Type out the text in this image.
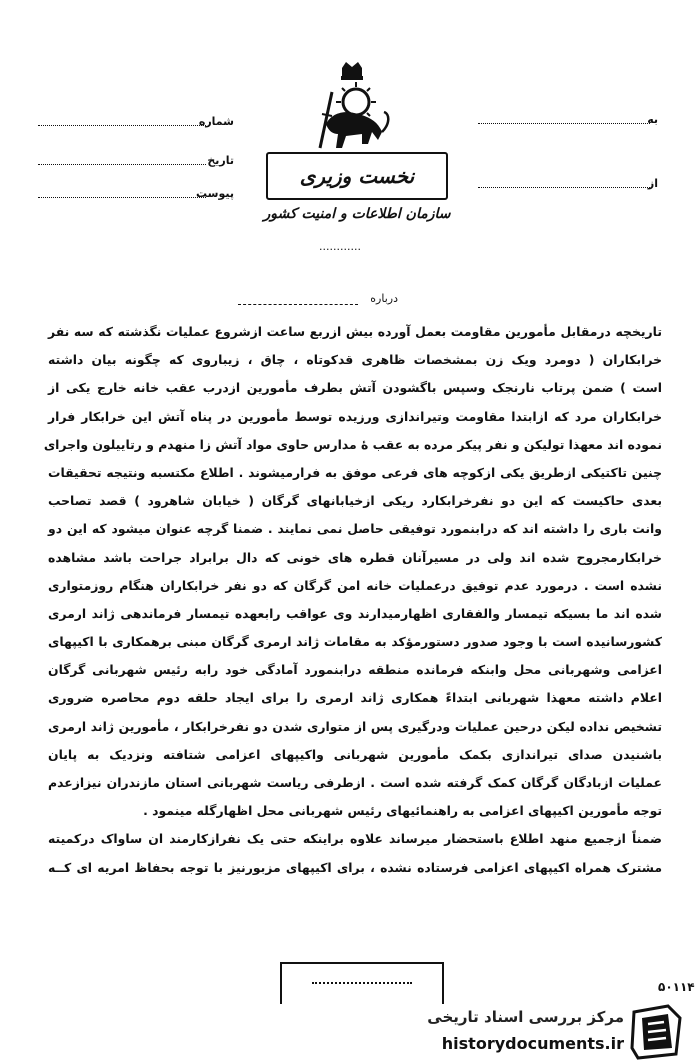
نخست وزیری
سازمان اطلاعات و امنیت کشور
............
شماره
تاریخ
پیوست
به
از
درباره
تاریخچه درمقابل مأمورین مقاومت بعمل آورده بیش ازربع ساعت ازشروع عملیات نگذشته که سه نفر
خرابکاران ( دومرد ویک زن بمشخصات ظاهری قدکوتاه ، چاق ، زیباروی که چگونه بیان داشته
است ) ضمن پرتاب نارنجک وسپس باگشودن آتش بطرف مأمورین ازدرب عقب خانه خارج یکی از
خرابکاران مرد که ازابتدا مقاومت وتیراندازی ورزیده توسط مأمورین در پناه آتش این خرابکار فرار
نموده اند معهذا تولیکن و نفر پیکر مرده به عقب ۀ مدارس حاوی مواد آتش زا منهدم و رتاییلون واجرای
چنین تاکتیکی ازطریق یکی ازکوچه های فرعی موفق به فرارمیشوند . اطلاع مکتسبه ونتیجه تحقیقات
بعدی حاکیست که این دو نفرخرابکارد ریکی ازخیابانهای گرگان ( خیابان شاهرود ) قصد تصاحب
وانت باری را داشته اند که درابنمورد توفیقی حاصل نمی نمایند . ضمنا گرچه عنوان میشود که این دو
خرابکارمجروح شده اند ولی در مسیرآنان قطره های خونی که دال برابراد جراحت باشد مشاهده
نشده است . درمورد عدم توفیق درعملیات خانه امن گرگان که دو نفر خرابکاران هنگام روزمتواری
شده اند ما بسیکه تیمسار والفقاری اظهارمیدارند وی عواقب رابعهده تیمسار فرماندهی ژاند ارمری
کشورسانیده است با وجود صدور دستورمؤکد به مقامات ژاند ارمری گرگان مبنی برهمکاری با اکیپهای
اعزامی وشهربانی محل وابنکه فرمانده منطقه درابنمورد آمادگی خود رابه رئیس شهربانی گرگان
اعلام داشته معهذا شهربانی ابتداءً همکاری ژاند ارمری را برای ایجاد حلقه دوم محاصره ضروری
تشخیص نداده لیکن درحین عملیات ودرگیری پس از متواری شدن دو نفرخرابکار ، مأمورین ژاند ارمری
باشنیدن صدای تیراندازی بکمک مأمورین شهربانی واکیپهای اعزامی شتافته ونزدیک به پایان
عملیات ازبادگان گرگان کمک گرفته شده است . ازطرفی ریاست شهربانی استان مازندران نیزازعدم
توجه مأمورین اکیپهای اعزامی به راهنمائیهای رئیس شهربانی محل اظهارگله مینمود .
ضمناً ازجمیع منهد اطلاع باستحضار میرساند علاوه براینکه حتی یک نفرازکارمند ان ساواک درکمیته
مشترک همراه اکیپهای اعزامی فرستاده نشده ، برای اکیپهای مزبورنیز با توجه بحفاظ امریه ای کــه
۵۰۱۱۴
مرکز بررسی اسناد تاریخی
historydocuments.ir
